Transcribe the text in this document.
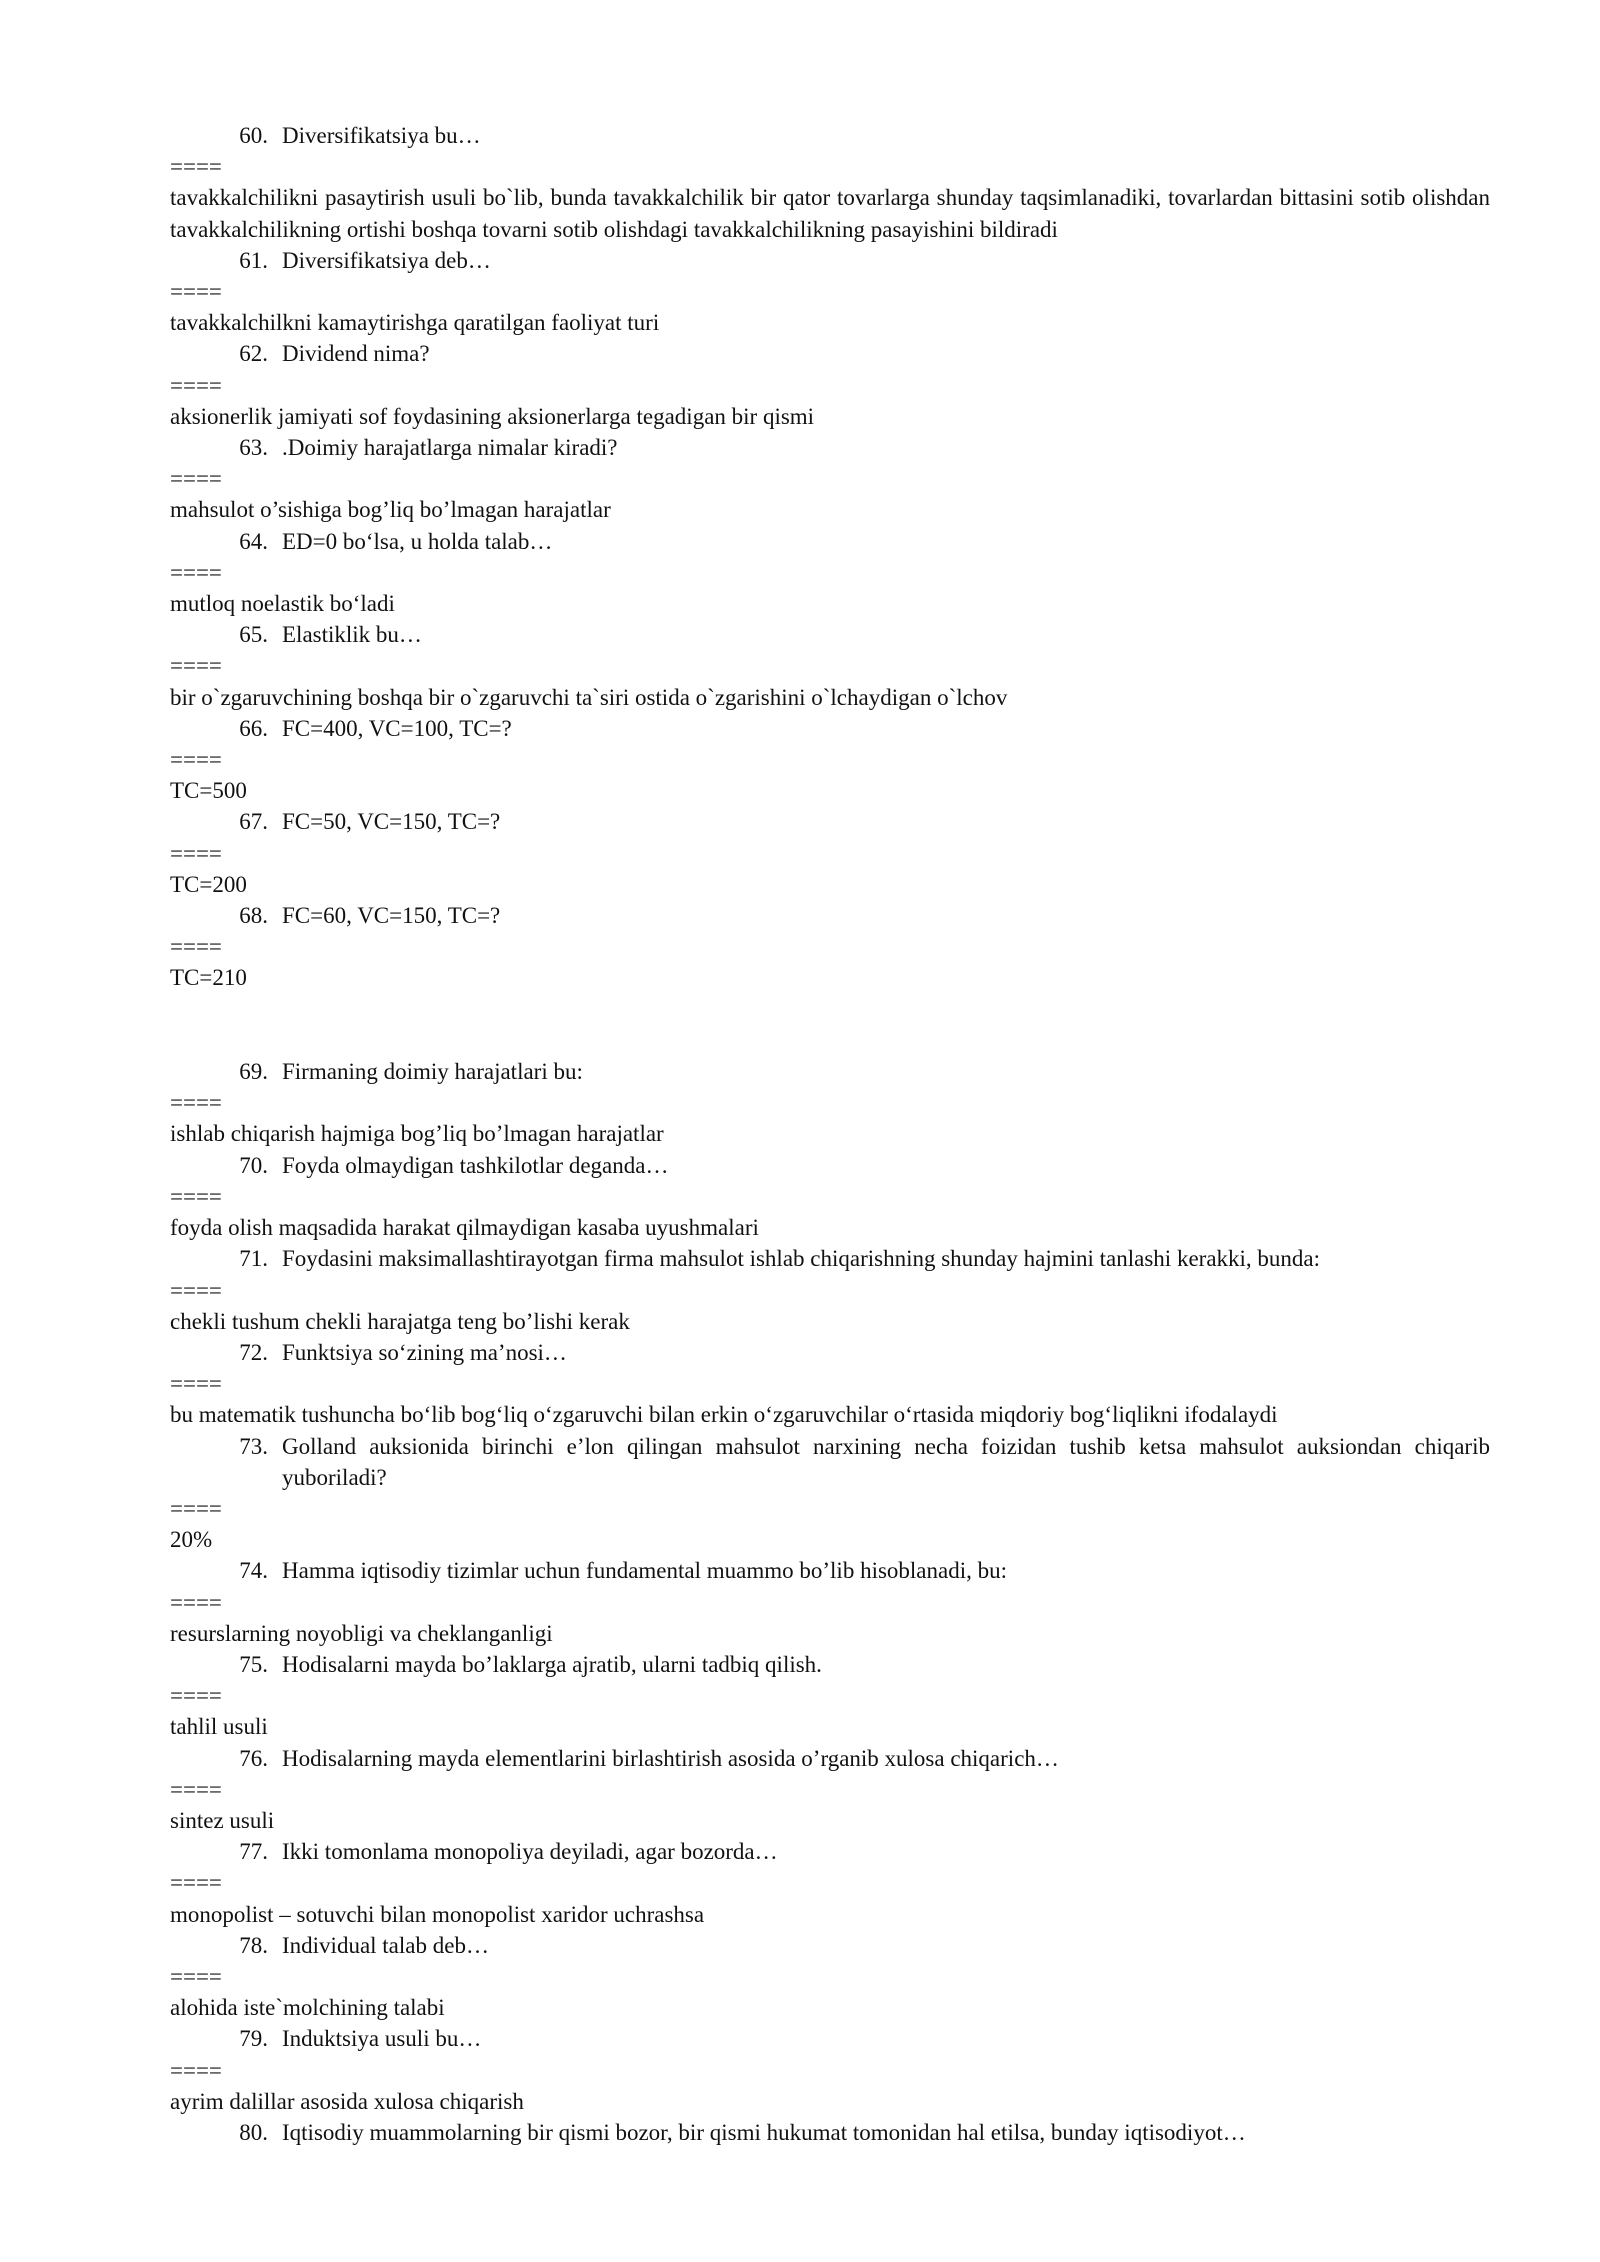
60. Diversifikatsiya bu…
====
tavakkalchilikni pasaytirish usuli bo`lib, bunda tavakkalchilik bir qator tovarlarga shunday taqsimlanadiki, tovarlardan bittasini sotib olishdan tavakkalchilikning ortishi boshqa tovarni sotib olishdagi tavakkalchilikning pasayishini bildiradi
61. Diversifikatsiya deb…
====
tavakkalchilkni kamaytirishga qaratilgan faoliyat turi
62. Dividend nima?
====
aksionerlik jamiyati sof foydasining aksionerlarga tegadigan bir qismi
63. .Doimiy harajatlarga nimalar kiradi?
====
mahsulot o’sishiga bog’liq bo’lmagan harajatlar
64. ED=0 bo‘lsa, u holda talab…
====
mutloq noelastik bo‘ladi
65. Elastiklik bu…
====
bir o`zgaruvchining boshqa bir o`zgaruvchi ta`siri ostida o`zgarishini o`lchaydigan o`lchov
66. FC=400, VC=100, TC=?
====
TC=500
67. FC=50, VC=150, TC=?
====
TC=200
68. FC=60, VC=150, TC=?
====
TC=210
69. Firmaning doimiy harajatlari bu:
====
ishlab chiqarish hajmiga bog’liq bo’lmagan harajatlar
70. Foyda olmaydigan tashkilotlar deganda…
====
foyda olish maqsadida harakat qilmaydigan kasaba uyushmalari
71. Foydasini maksimallashtirayotgan firma mahsulot ishlab chiqarishning shunday hajmini tanlashi kerakki, bunda:
====
chekli tushum chekli harajatga teng bo’lishi kerak
72. Funktsiya so‘zining ma’nosi…
====
bu matematik tushuncha bo‘lib bog‘liq o‘zgaruvchi bilan erkin o‘zgaruvchilar o‘rtasida miqdoriy bog‘liqlikni ifodalaydi
73. Golland auksionida birinchi e’lon qilingan mahsulot narxining necha foizidan tushib ketsa mahsulot auksiondan chiqarib yuboriladi?
====
20%
74. Hamma iqtisodiy tizimlar uchun fundamental muammo bo’lib hisoblanadi, bu:
====
resurslarning noyobligi va cheklanganligi
75. Hodisalarni mayda bo’laklarga ajratib, ularni tadbiq qilish.
====
tahlil usuli
76. Hodisalarning mayda elementlarini birlashtirish asosida o’rganib xulosa chiqarich…
====
sintez usuli
77. Ikki tomonlama monopoliya deyiladi, agar bozorda…
====
monopolist – sotuvchi bilan monopolist xaridor uchrashsa
78. Individual talab deb…
====
alohida iste`molchining talabi
79. Induktsiya usuli bu…
====
ayrim dalillar asosida xulosa chiqarish
80. Iqtisodiy muammolarning bir qismi bozor, bir qismi hukumat tomonidan hal etilsa, bunday iqtisodiyot…
